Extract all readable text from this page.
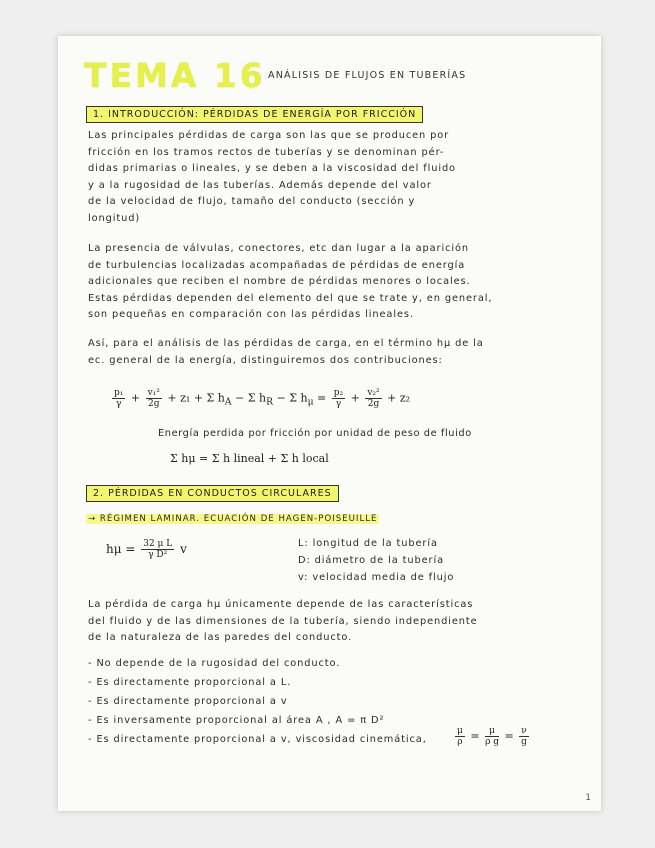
TEMA 16 ANÁLISIS DE FLUJOS EN TUBERÍAS
1. INTRODUCCIÓN: PÉRDIDAS DE ENERGÍA POR FRICCIÓN
Las principales pérdidas de carga son las que se producen por
fricción en los tramos rectos de tuberías y se denominan pér-
didas primarias o lineales, y se deben a la viscosidad del fluido
y a la rugosidad de las tuberías. Además depende del valor
de la velocidad de flujo, tamaño del conducto (sección y
longitud)
La presencia de válvulas, conectores, etc dan lugar a la aparición
de turbulencias localizadas acompañadas de pérdidas de energía
adicionales que reciben el nombre de pérdidas menores o locales.
Estas pérdidas dependen del elemento del que se trate y, en general,
son pequeñas en comparación con las pérdidas lineales.
Así, para el análisis de las pérdidas de carga, en el término hμ de la
ec. general de la energía, distinguiremos dos contribuciones:
$\frac{\text{p₁}}{\gamma} + \frac{\text{v₁²}}{2g} + z_1 + \Sigma$ $h_A - \Sigma$ $h_R - \Sigma$ $h_\mu = \frac{\text{p₂}}{\gamma} + \frac{\text{v₂²}}{2g} + z_2$
Energía perdida por fricción por unidad de peso de fluido
Σ hμ = Σ h lineal + Σ h local
2. PÉRDIDAS EN CONDUCTOS CIRCULARES
→ RÉGIMEN LAMINAR. ECUACIÓN DE HAGEN-POISEUILLE
$h\mu = \frac{\text{32 μ L}}{\text{γ D²}}$ v	L: longitud de la tubería
D: diámetro de la tubería
v: velocidad media de flujo
La pérdida de carga hμ únicamente depende de las características
del fluido y de las dimensiones de la tubería, siendo independiente
de la naturaleza de las paredes del conducto.
- No depende de la rugosidad del conducto.
- Es directamente proporcional a L.
- Es directamente proporcional a v
- Es inversamente proporcional al área A , A = π D²
- Es directamente proporcional a v, viscosidad cinemática,	$\frac{\mu}{\rho} = \frac{\mu}{\text{ρ g}} = \frac{\nu}{g}$
1
